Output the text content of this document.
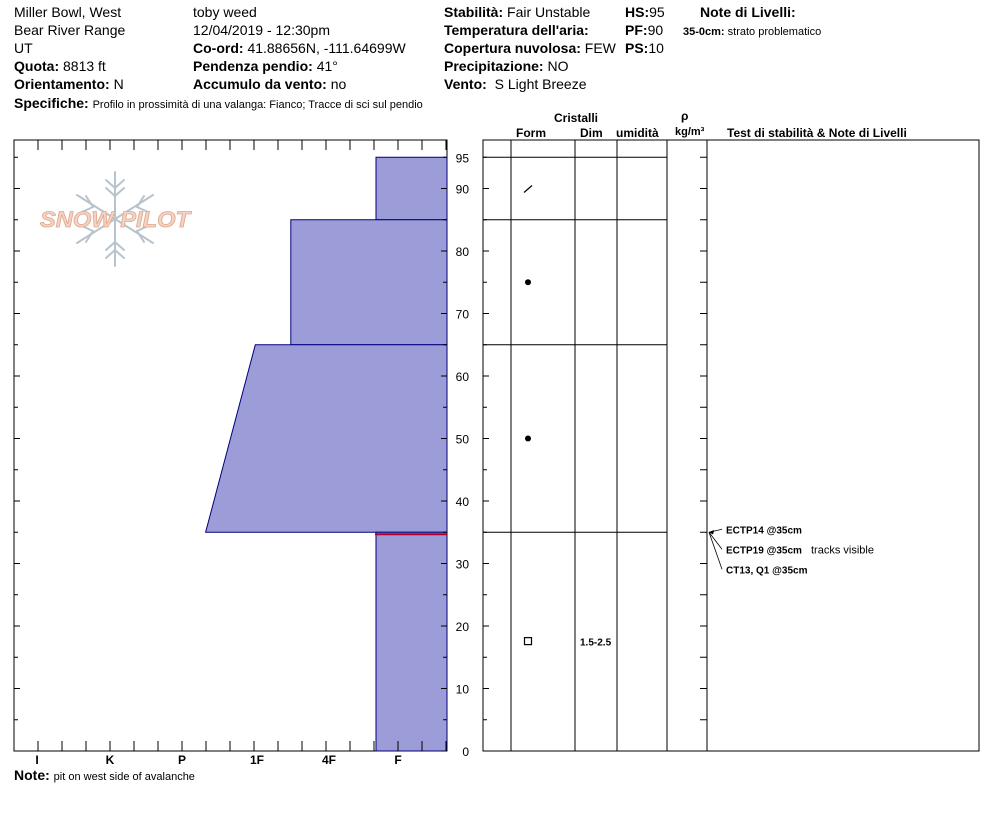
Miller Bowl, West
Bear River Range
UT
Quota: 8813 ft
Orientamento: N
toby weed
12/04/2019 - 12:30pm
Co-ord: 41.88656N, -111.64699W
Pendenza pendio: 41°
Accumulo da vento: no
Stabilità: Fair Unstable
Temperatura dell'aria:
Copertura nuvolosa: FEW
Precipitazione: NO
Vento: S Light Breeze
HS:95
PF:90
PS:10
Note di Livelli:
35-0cm: strato problematico
Specifiche: Profilo in prossimità di una valanga: Fianco; Tracce di sci sul pendio
Cristalli
Form	Dim umidità
ρ
kg/m³ Test di stabilità & Note di Livelli
SNOW PILOT
0
10
20
30
40
50
60
70
80
90
95
I	K	P	1F	4F	F
1.5-2.5
ECTP14 @35cm
ECTP19 @35cm tracks visible
CT13, Q1 @35cm
Note: pit on west side of avalanche
